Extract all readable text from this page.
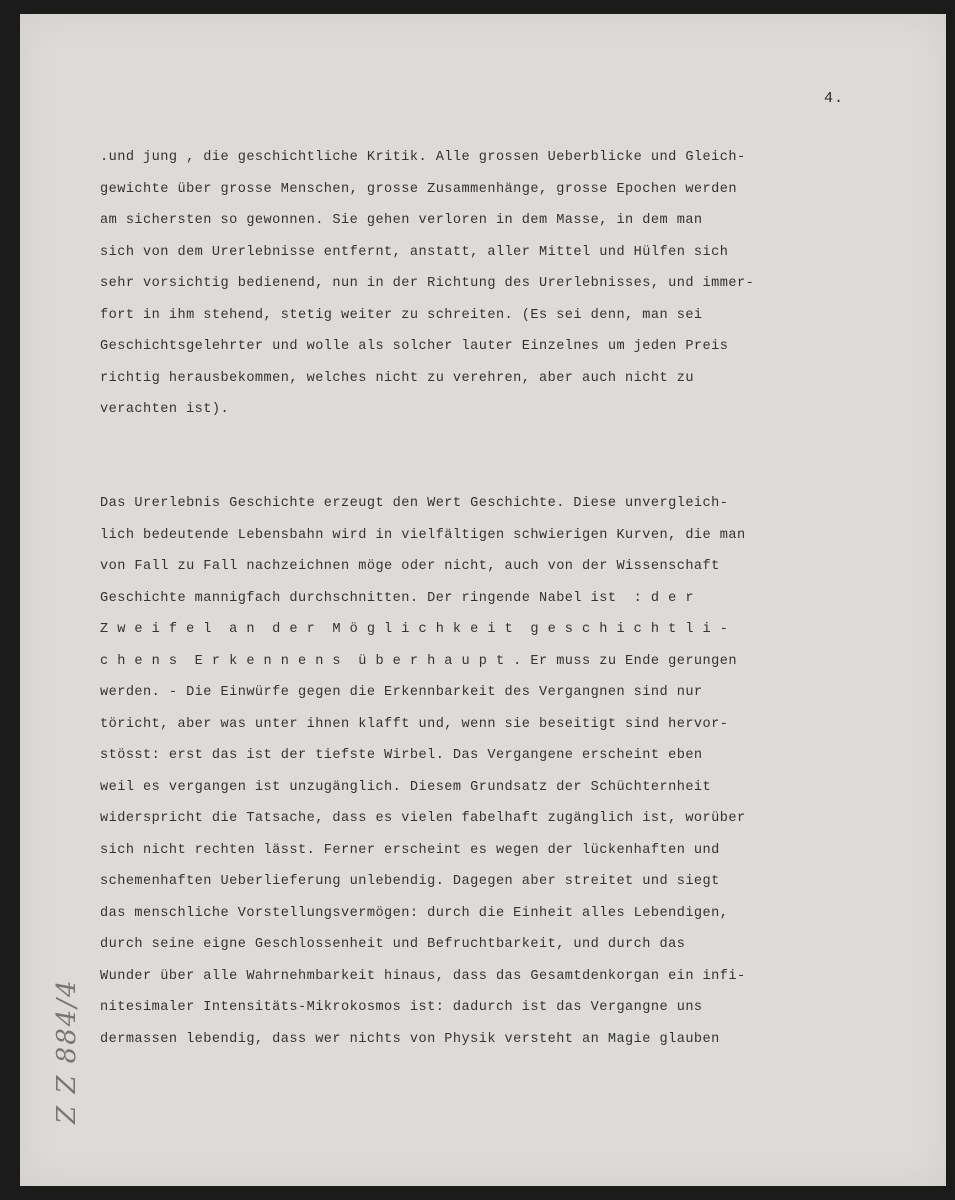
4.
.und jung , die geschichtliche Kritik. Alle grossen Ueberblicke und Gleich-
gewichte über grosse Menschen, grosse Zusammenhänge, grosse Epochen werden
am sichersten so gewonnen. Sie gehen verloren in dem Masse, in dem man
sich von dem Urerlebnisse entfernt, anstatt, aller Mittel und Hülfen sich
sehr vorsichtig bedienend, nun in der Richtung des Urerlebnisses, und immer-
fort in ihm stehend, stetig weiter zu schreiten. (Es sei denn, man sei
Geschichtsgelehrter und wolle als solcher lauter Einzelnes um jeden Preis
richtig herausbekommen, welches nicht zu verehren, aber auch nicht zu
verachten ist).
Das Urerlebnis Geschichte erzeugt den Wert Geschichte. Diese unvergleich-
lich bedeutende Lebensbahn wird in vielfältigen schwierigen Kurven, die man
von Fall zu Fall nachzeichnen möge oder nicht, auch von der Wissenschaft
Geschichte mannigfach durchschnitten. Der ringende Nabel ist  : d e r
Z w e i f e l  a n  d e r  M ö g l i c h k e i t  g e s c h i c h t l i -
c h e n s  E r k e n n e n s  ü b e r h a u p t . Er muss zu Ende gerungen
werden. - Die Einwürfe gegen die Erkennbarkeit des Vergangnen sind nur
töricht, aber was unter ihnen klafft und, wenn sie beseitigt sind hervor-
stösst: erst das ist der tiefste Wirbel. Das Vergangene erscheint eben
weil es vergangen ist unzugänglich. Diesem Grundsatz der Schüchternheit
widerspricht die Tatsache, dass es vielen fabelhaft zugänglich ist, worüber
sich nicht rechten lässt. Ferner erscheint es wegen der lückenhaften und
schemenhaften Ueberlieferung unlebendig. Dagegen aber streitet und siegt
das menschliche Vorstellungsvermögen: durch die Einheit alles Lebendigen,
durch seine eigne Geschlossenheit und Befruchtbarkeit, und durch das
Wunder über alle Wahrnehmbarkeit hinaus, dass das Gesamtdenkorgan ein infi-
nitesimaler Intensitäts-Mikrokosmos ist: dadurch ist das Vergangne uns
dermassen lebendig, dass wer nichts von Physik versteht an Magie glauben
Z Z 884/4
